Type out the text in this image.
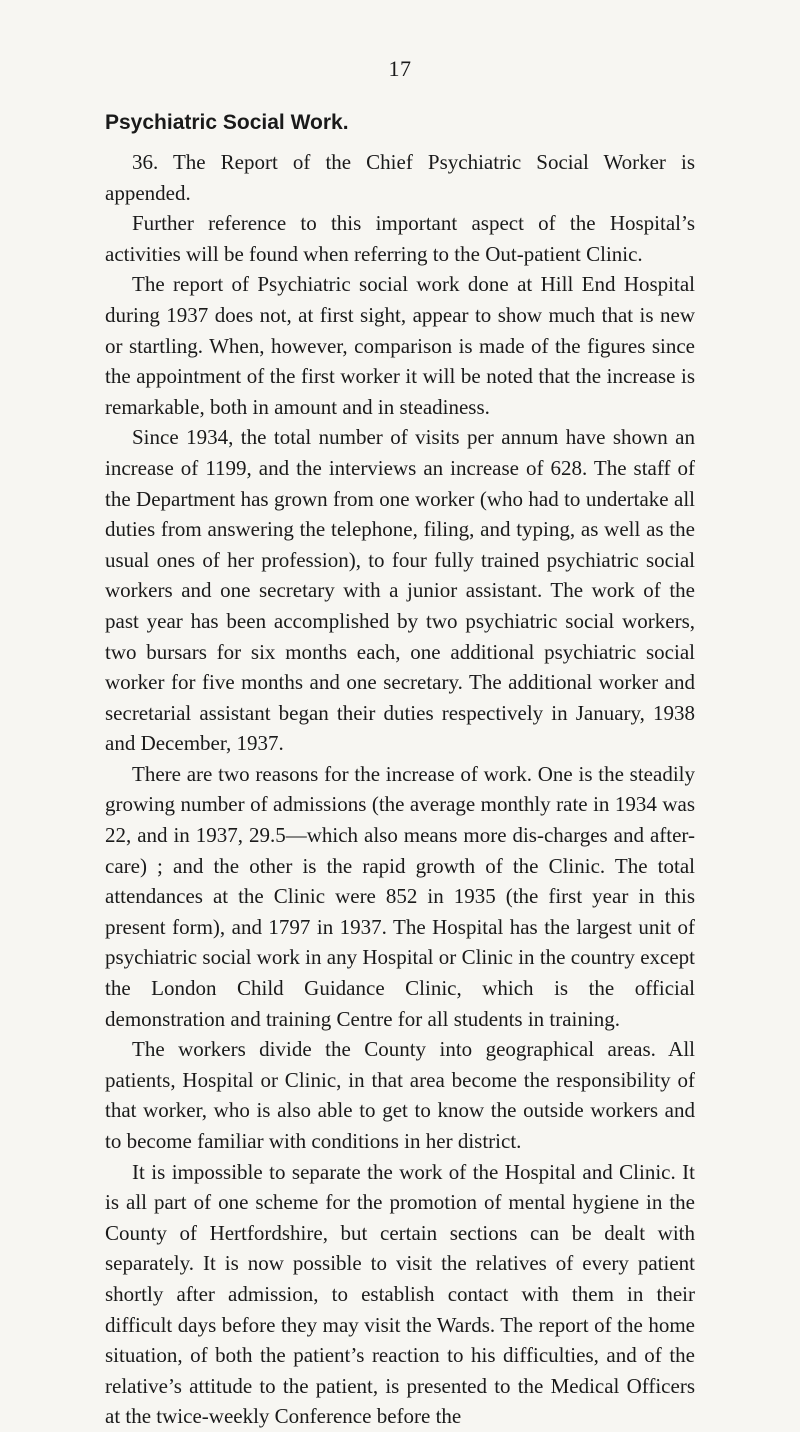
17
Psychiatric Social Work.

36. The Report of the Chief Psychiatric Social Worker is appended.

Further reference to this important aspect of the Hospital’s activities will be found when referring to the Out-patient Clinic.

The report of Psychiatric social work done at Hill End Hospital during 1937 does not, at first sight, appear to show much that is new or startling. When, however, comparison is made of the figures since the appointment of the first worker it will be noted that the increase is remarkable, both in amount and in steadiness.

Since 1934, the total number of visits per annum have shown an increase of 1199, and the interviews an increase of 628. The staff of the Department has grown from one worker (who had to undertake all duties from answering the telephone, filing, and typing, as well as the usual ones of her profession), to four fully trained psychiatric social workers and one secretary with a junior assistant. The work of the past year has been accomplished by two psychiatric social workers, two bursars for six months each, one additional psychiatric social worker for five months and one secretary. The additional worker and secretarial assistant began their duties respectively in January, 1938 and December, 1937.

There are two reasons for the increase of work. One is the steadily growing number of admissions (the average monthly rate in 1934 was 22, and in 1937, 29.5—which also means more dis-charges and after-care) ; and the other is the rapid growth of the Clinic. The total attendances at the Clinic were 852 in 1935 (the first year in this present form), and 1797 in 1937. The Hospital has the largest unit of psychiatric social work in any Hospital or Clinic in the country except the London Child Guidance Clinic, which is the official demonstration and training Centre for all students in training.

The workers divide the County into geographical areas. All patients, Hospital or Clinic, in that area become the responsibility of that worker, who is also able to get to know the outside workers and to become familiar with conditions in her district.

It is impossible to separate the work of the Hospital and Clinic. It is all part of one scheme for the promotion of mental hygiene in the County of Hertfordshire, but certain sections can be dealt with separately. It is now possible to visit the relatives of every patient shortly after admission, to establish contact with them in their difficult days before they may visit the Wards. The report of the home situation, of both the patient’s reaction to his difficulties, and of the relative’s attitude to the patient, is presented to the Medical Officers at the twice-weekly Conference before the
